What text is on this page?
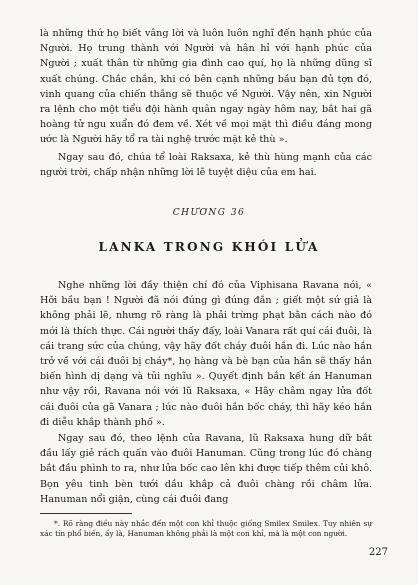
là những thứ họ biết vâng lời và luôn luôn nghĩ đến hạnh phúc của Người. Họ trung thành với Người và hân hỉ với hạnh phúc của Người ; xuất thân từ những gia đình cao quí, họ là những dũng sĩ xuất chúng. Chắc chắn, khi có bên cạnh những bầu bạn đủ tợn đó, vinh quang của chiến thắng sẽ thuộc về Người. Vậy nên, xin Người ra lệnh cho một tiểu đội hành quân ngay ngày hôm nay, bắt hai gã hoàng tử ngu xuẩn đó đem về. Xét về mọi mặt thì điều đáng mong ước là Người hãy tổ ra tài nghệ trước mặt kẻ thù ».

Ngay sau đó, chúa tể loài Raksaxa, kẻ thù hùng mạnh của các người trời, chấp nhận những lời lẽ tuyệt diệu của em hai.

CHƯƠNG 36
LANKA TRONG KHÓI LỬA

Nghe những lời đầy thiện chí đó của Viphisana Ravana nói, « Hỡi bầu bạn ! Người đã nói đúng gì đúng đắn ; giết một sứ giả là không phải lẽ, nhưng rõ ràng là phải trừng phạt bằn cách nào đó mới là thích thực. Cái người thấy đấy, loài Vanara rất quí cái đuôi, là cái trang sức của chúng, vậy hãy đốt cháy đuôi hắn đi. Lúc nào hắn trở về với cái đuôi bị cháy*, họ hàng và bè bạn của hắn sẽ thấy hắn biến hình dị dạng và tủi nghĩu ». Quyết định bắn kết án Hanuman như vậy rồi, Ravana nói với lũ Raksaxa, « Hãy châm ngay lửa đốt cái đuôi của gã Vanara ; lúc nào đuôi hắn bốc cháy, thì hãy kéo hắn đi diễu khắp thành phố ».

Ngay sau đó, theo lệnh của Ravana, lũ Raksaxa hung dữ bắt đầu lấy giẻ rách quấn vào đuôi Hanuman. Cũng trong lúc đó chàng bắt đầu phình to ra, như lửa bốc cao lên khi được tiếp thêm củi khô. Bọn yêu tinh bèn tưới dầu khắp cả đuôi chàng rồi châm lửa. Hanuman nổi giận, cùng cái đuôi đang

*. Rõ ràng điều này nhắc đến một con khỉ thuộc giống Smilex Smilex. Tuy nhiên sự xác tín phổ biến, ấy là, Hanuman không phải là một con khỉ, mà là một con người.

227
